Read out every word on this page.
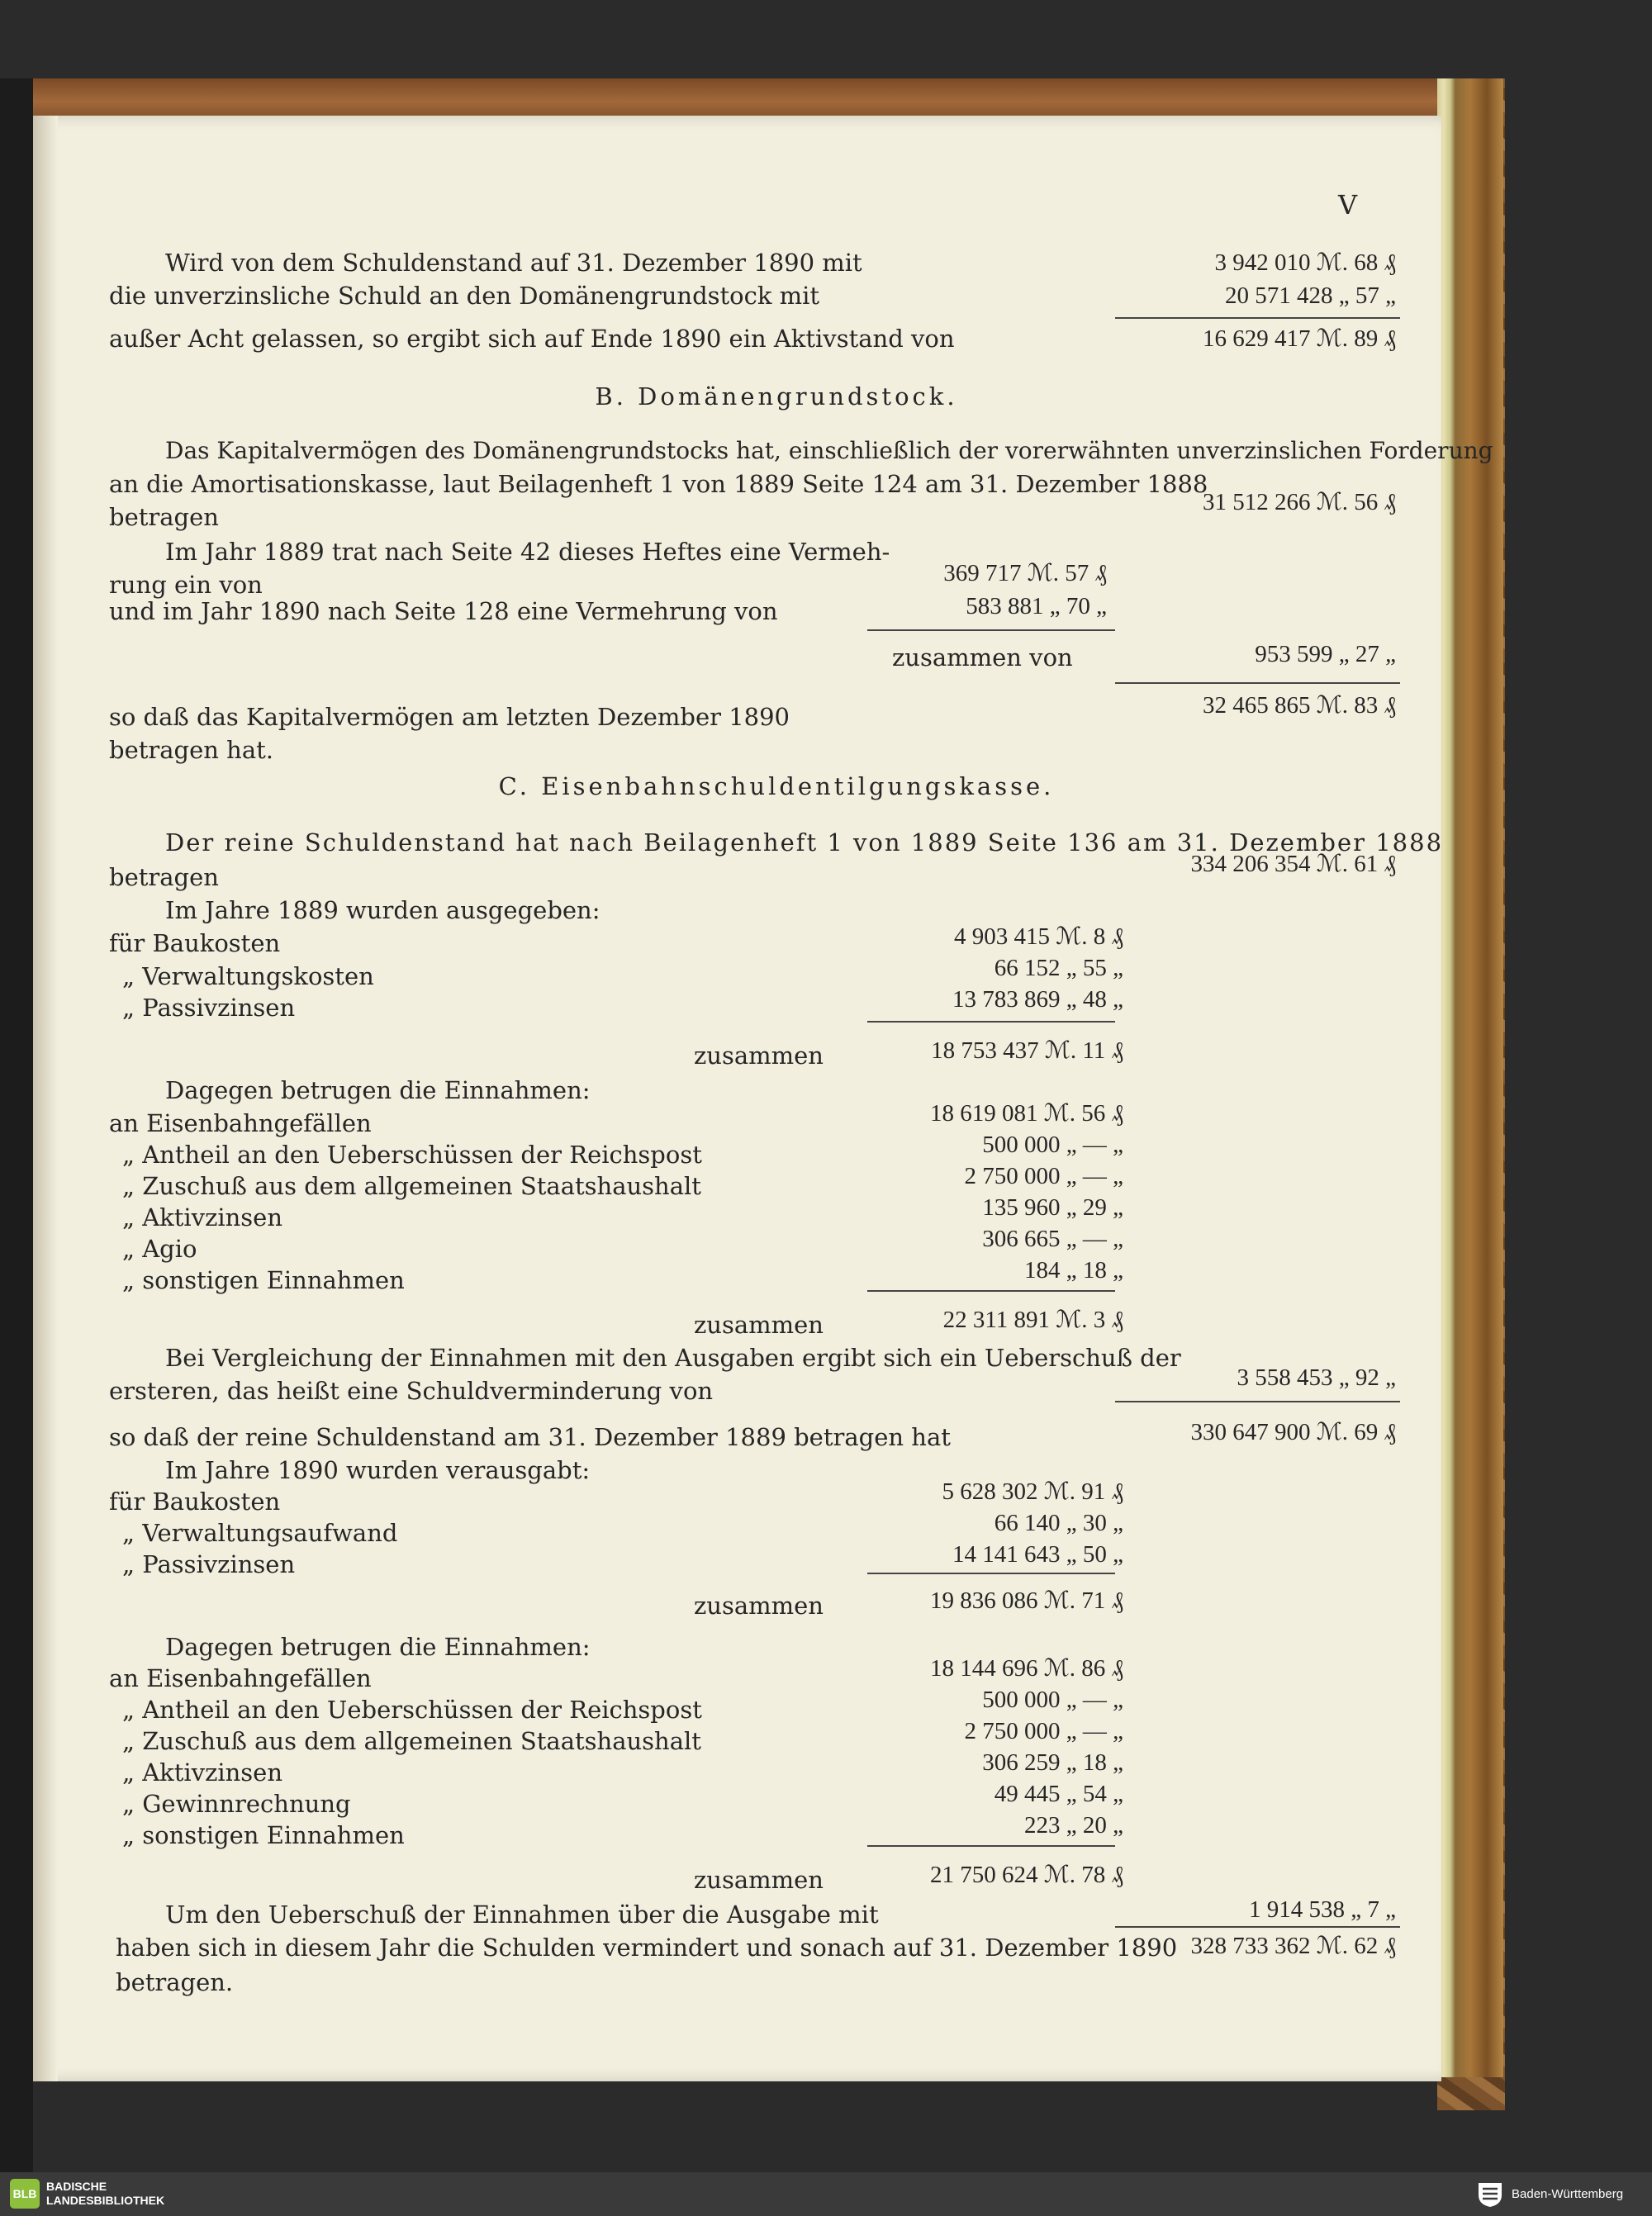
V
Wird von dem Schuldenstand auf 31. Dezember 1890 mit	3 942 010 ℳ. 68 ₰
die unverzinsliche Schuld an den Domänengrundstock mit	20 571 428 „ 57 „
außer Acht gelassen, so ergibt sich auf Ende 1890 ein Aktivstand von	16 629 417 ℳ. 89 ₰
B. Domänengrundstock.
Das Kapitalvermögen des Domänengrundstocks hat, einschließlich der vorerwähnten unverzinslichen Forderung
an die Amortisationskasse, laut Beilagenheft 1 von 1889 Seite 124 am 31. Dezember 1888
betragen
31 512 266 ℳ. 56 ₰
Im Jahr 1889 trat nach Seite 42 dieses Heftes eine Vermeh-
rung ein von	369 717 ℳ. 57 ₰
und im Jahr 1890 nach Seite 128 eine Vermehrung von	583 881 „ 70 „
zusammen von	953 599 „ 27 „
32 465 865 ℳ. 83 ₰
so daß das Kapitalvermögen am letzten Dezember 1890
betragen hat.
C. Eisenbahnschuldentilgungskasse.
Der reine Schuldenstand hat nach Beilagenheft 1 von 1889 Seite 136 am 31. Dezember 1888
betragen	334 206 354 ℳ. 61 ₰
Im Jahre 1889 wurden ausgegeben:
für Baukosten	4 903 415 ℳ. 8 ₰
„ Verwaltungskosten	66 152 „ 55 „
„ Passivzinsen	13 783 869 „ 48 „
zusammen	18 753 437 ℳ. 11 ₰
Dagegen betrugen die Einnahmen:
an Eisenbahngefällen	18 619 081 ℳ. 56 ₰
„ Antheil an den Ueberschüssen der Reichspost	500 000 „ — „
„ Zuschuß aus dem allgemeinen Staatshaushalt	2 750 000 „ — „
„ Aktivzinsen	135 960 „ 29 „
„ Agio	306 665 „ — „
„ sonstigen Einnahmen	184 „ 18 „
zusammen	22 311 891 ℳ. 3 ₰
Bei Vergleichung der Einnahmen mit den Ausgaben ergibt sich ein Ueberschuß der
ersteren, das heißt eine Schuldverminderung von	3 558 453 „ 92 „
so daß der reine Schuldenstand am 31. Dezember 1889 betragen hat	330 647 900 ℳ. 69 ₰
Im Jahre 1890 wurden verausgabt:
für Baukosten	5 628 302 ℳ. 91 ₰
„ Verwaltungsaufwand	66 140 „ 30 „
„ Passivzinsen	14 141 643 „ 50 „
zusammen	19 836 086 ℳ. 71 ₰
Dagegen betrugen die Einnahmen:
an Eisenbahngefällen	18 144 696 ℳ. 86 ₰
„ Antheil an den Ueberschüssen der Reichspost	500 000 „ — „
„ Zuschuß aus dem allgemeinen Staatshaushalt	2 750 000 „ — „
„ Aktivzinsen	306 259 „ 18 „
„ Gewinnrechnung	49 445 „ 54 „
„ sonstigen Einnahmen	223 „ 20 „
zusammen	21 750 624 ℳ. 78 ₰
Um den Ueberschuß der Einnahmen über die Ausgabe mit	1 914 538 „ 7 „
haben sich in diesem Jahr die Schulden vermindert und sonach auf 31. Dezember 1890 328 733 362 ℳ. 62 ₰
betragen.
BLB
BADISCHE
LANDESBIBLIOTHEK	Baden-Württemberg
